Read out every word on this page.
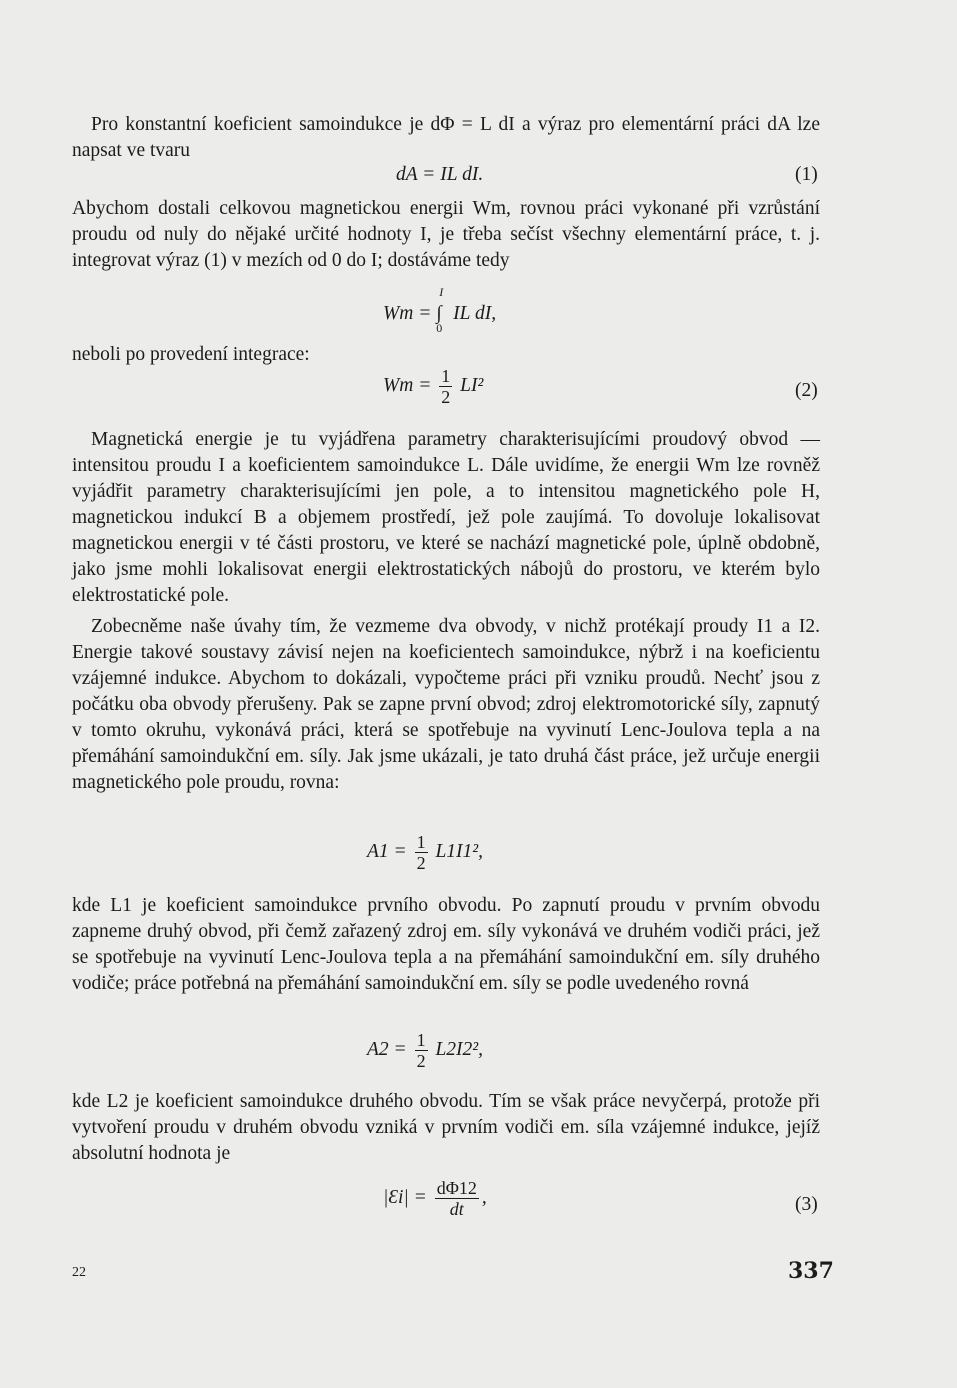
Pro konstantní koeficient samoindukce je dΦ = L dI a výraz pro elementární práci dA lze napsat ve tvaru

dA = IL dI.	(1)

Abychom dostali celkovou magnetickou energii Wm, rovnou práci vykonané při vzrůstání proudu od nuly do nějaké určité hodnoty I, je třeba sečíst všechny elementární práce, t. j. integrovat výraz (1) v mezích od 0 do I; dostáváme tedy

Wm = ∫
I
0
IL dI,
neboli po provedení integrace:
$Wm = \frac{1}{2} LI^2$	(2)

Magnetická energie je tu vyjádřena parametry charakterisujícími proudový obvod — intensitou proudu I a koeficientem samoindukce L. Dále uvidíme, že energii Wm lze rovněž vyjádřit parametry charakterisujícími jen pole, a to intensitou magnetického pole H, magnetickou indukcí B a objemem prostředí, jež pole zaujímá. To dovoluje lokalisovat magnetickou energii v té části prostoru, ve které se nachází magnetické pole, úplně obdobně, jako jsme mohli lokalisovat energii elektrostatických nábojů do prostoru, ve kterém bylo elektrostatické pole.

Zobecněme naše úvahy tím, že vezmeme dva obvody, v nichž protékají proudy I1 a I2. Energie takové soustavy závisí nejen na koeficientech samoindukce, nýbrž i na koeficientu vzájemné indukce. Abychom to dokázali, vypočteme práci při vzniku proudů. Nechť jsou z počátku oba obvody přerušeny. Pak se zapne první obvod; zdroj elektromotorické síly, zapnutý v tomto okruhu, vykonává práci, která se spotřebuje na vyvinutí Lenc-Joulova tepla a na přemáhání samoindukční em. síly. Jak jsme ukázali, je tato druhá část práce, jež určuje energii magnetického pole proudu, rovna:

$A1 = \frac{1}{2} L1I1^2$,

kde L1 je koeficient samoindukce prvního obvodu. Po zapnutí proudu v prvním obvodu zapneme druhý obvod, při čemž zařazený zdroj em. síly vykonává ve druhém vodiči práci, jež se spotřebuje na vyvinutí Lenc-Joulova tepla a na přemáhání samoindukční em. síly druhého vodiče; práce potřebná na přemáhání samoindukční em. síly se podle uvedeného rovná

$A2 = \frac{1}{2} L2I2^2$,

kde L2 je koeficient samoindukce druhého obvodu. Tím se však práce nevyčerpá, protože při vytvoření proudu v druhém obvodu vzniká v prvním vodiči em. síla vzájemné indukce, jejíž absolutní hodnota je

|Ɛi| = $\frac{d\Phi 12}{dt}$ ,	(3)
22	337
